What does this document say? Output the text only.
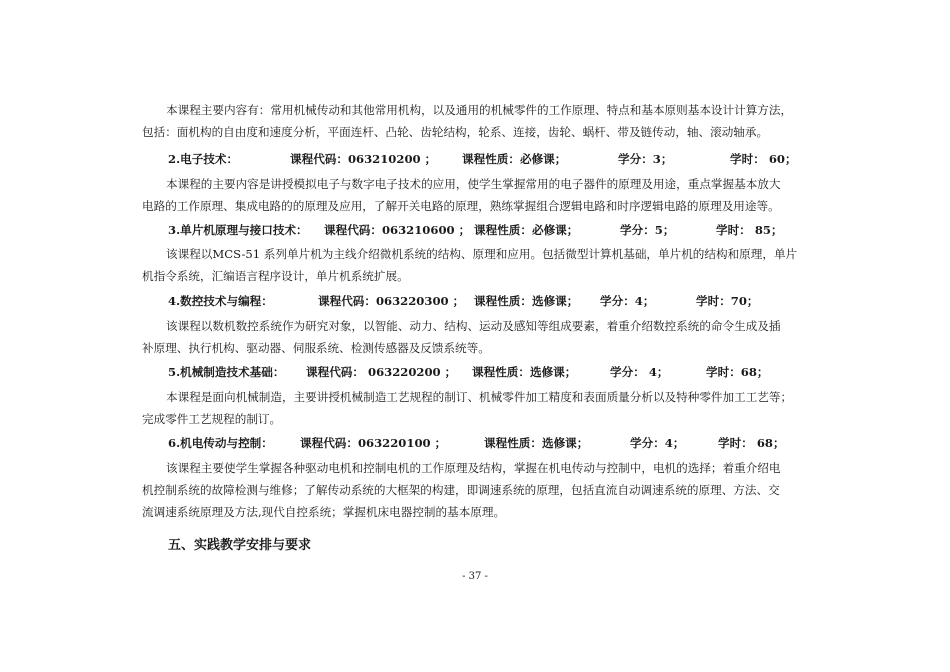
本课程主要内容有：常用机械传动和其他常用机构，以及通用的机械零件的工作原理、特点和基本原则基本设计计算方法，
包括：面机构的自由度和速度分析，平面连杆、凸轮、齿轮结构，轮系、连接，齿轮、蜗杆、带及链传动，轴、滚动轴承。
2.电子技术：	课程代码：063210200 ； 课程性质：必修课；	学分：3；	学时： 60；
本课程的主要内容是讲授模拟电子与数字电子技术的应用，使学生掌握常用的电子器件的原理及用途，重点掌握基本放大
电路的工作原理、集成电路的的原理及应用，了解开关电路的原理，熟练掌握组合逻辑电路和时序逻辑电路的原理及用途等。
3.单片机原理与接口技术： 课程代码：063210600 ； 课程性质：必修课；	学分：5；	学时： 85；
该课程以MCS-51 系列单片机为主线介绍微机系统的结构、原理和应用。包括微型计算机基础，单片机的结构和原理，单片
机指令系统，汇编语言程序设计，单片机系统扩展。
4.数控技术与编程：	课程代码：063220300 ； 课程性质：选修课； 学分：4；	学时：70；
该课程以数机数控系统作为研究对象，以智能、动力、结构、运动及感知等组成要素，着重介绍数控系统的命令生成及插
补原理、执行机构、驱动器、伺服系统、检测传感器及反馈系统等。
5.机械制造技术基础： 课程代码： 063220200 ； 课程性质：选修课；	学分： 4；	学时：68；
本课程是面向机械制造，主要讲授机械制造工艺规程的制订、机械零件加工精度和表面质量分析以及特种零件加工工艺等；
完成零件工艺规程的制订。
6.机电传动与控制： 课程代码：063220100 ；	课程性质：选修课；	学分：4；	学时： 68；
该课程主要使学生掌握各种驱动电机和控制电机的工作原理及结构，掌握在机电传动与控制中，电机的选择；着重介绍电
机控制系统的故障检测与维修；了解传动系统的大框架的构建，即调速系统的原理，包括直流自动调速系统的原理、方法、交
流调速系统原理及方法,现代自控系统；掌握机床电器控制的基本原理。
五、实践教学安排与要求
- 37 -
